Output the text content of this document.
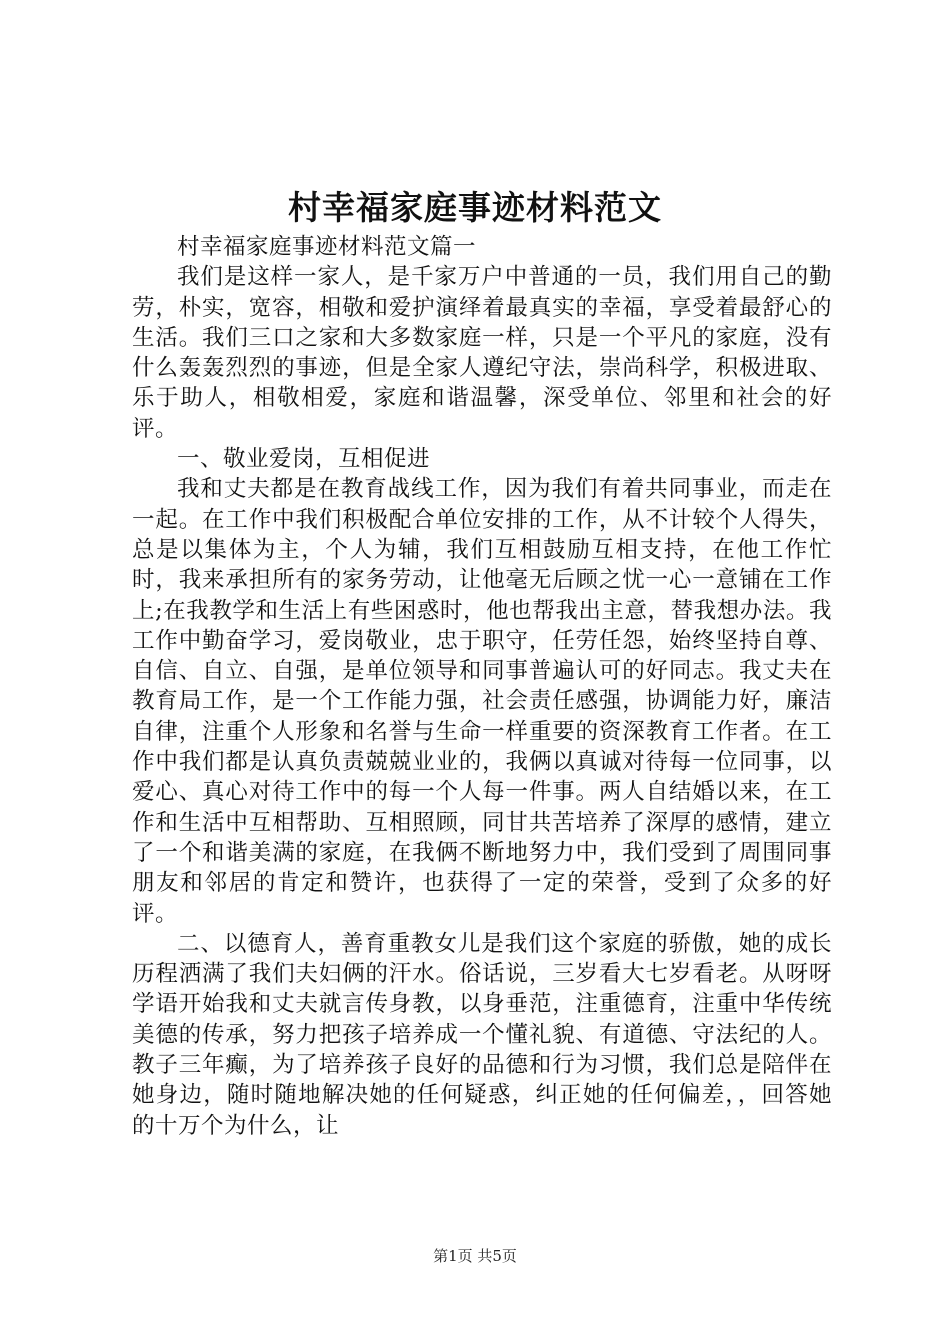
村幸福家庭事迹材料范文

村幸福家庭事迹材料范文篇一

我们是这样一家人，是千家万户中普通的一员，我们用自己的勤劳，朴实，宽容，相敬和爱护演绎着最真实的幸福，享受着最舒心的生活。我们三口之家和大多数家庭一样，只是一个平凡的家庭，没有什么轰轰烈烈的事迹，但是全家人遵纪守法，崇尚科学，积极进取、乐于助人，相敬相爱，家庭和谐温馨，深受单位、邻里和社会的好评。

一、敬业爱岗，互相促进

我和丈夫都是在教育战线工作，因为我们有着共同事业，而走在一起。在工作中我们积极配合单位安排的工作，从不计较个人得失，总是以集体为主，个人为辅，我们互相鼓励互相支持，在他工作忙时，我来承担所有的家务劳动，让他毫无后顾之忧一心一意铺在工作上;在我教学和生活上有些困惑时，他也帮我出主意，替我想办法。我工作中勤奋学习，爱岗敬业，忠于职守，任劳任怨，始终坚持自尊、自信、自立、自强，是单位领导和同事普遍认可的好同志。我丈夫在教育局工作，是一个工作能力强，社会责任感强，协调能力好，廉洁自律，注重个人形象和名誉与生命一样重要的资深教育工作者。在工作中我们都是认真负责兢兢业业的，我俩以真诚对待每一位同事，以爱心、真心对待工作中的每一个人每一件事。两人自结婚以来，在工作和生活中互相帮助、互相照顾，同甘共苦培养了深厚的感情，建立了一个和谐美满的家庭，在我俩不断地努力中，我们受到了周围同事朋友和邻居的肯定和赞许，也获得了一定的荣誉，受到了众多的好评。

二、以德育人，善育重教女儿是我们这个家庭的骄傲，她的成长历程洒满了我们夫妇俩的汗水。俗话说，三岁看大七岁看老。从呀呀学语开始我和丈夫就言传身教，以身垂范，注重德育，注重中华传统美德的传承，努力把孩子培养成一个懂礼貌、有道德、守法纪的人。教子三年癫，为了培养孩子良好的品德和行为习惯，我们总是陪伴在她身边，随时随地解决她的任何疑惑，纠正她的任何偏差，，回答她的十万个为什么，让

第1页 共5页
